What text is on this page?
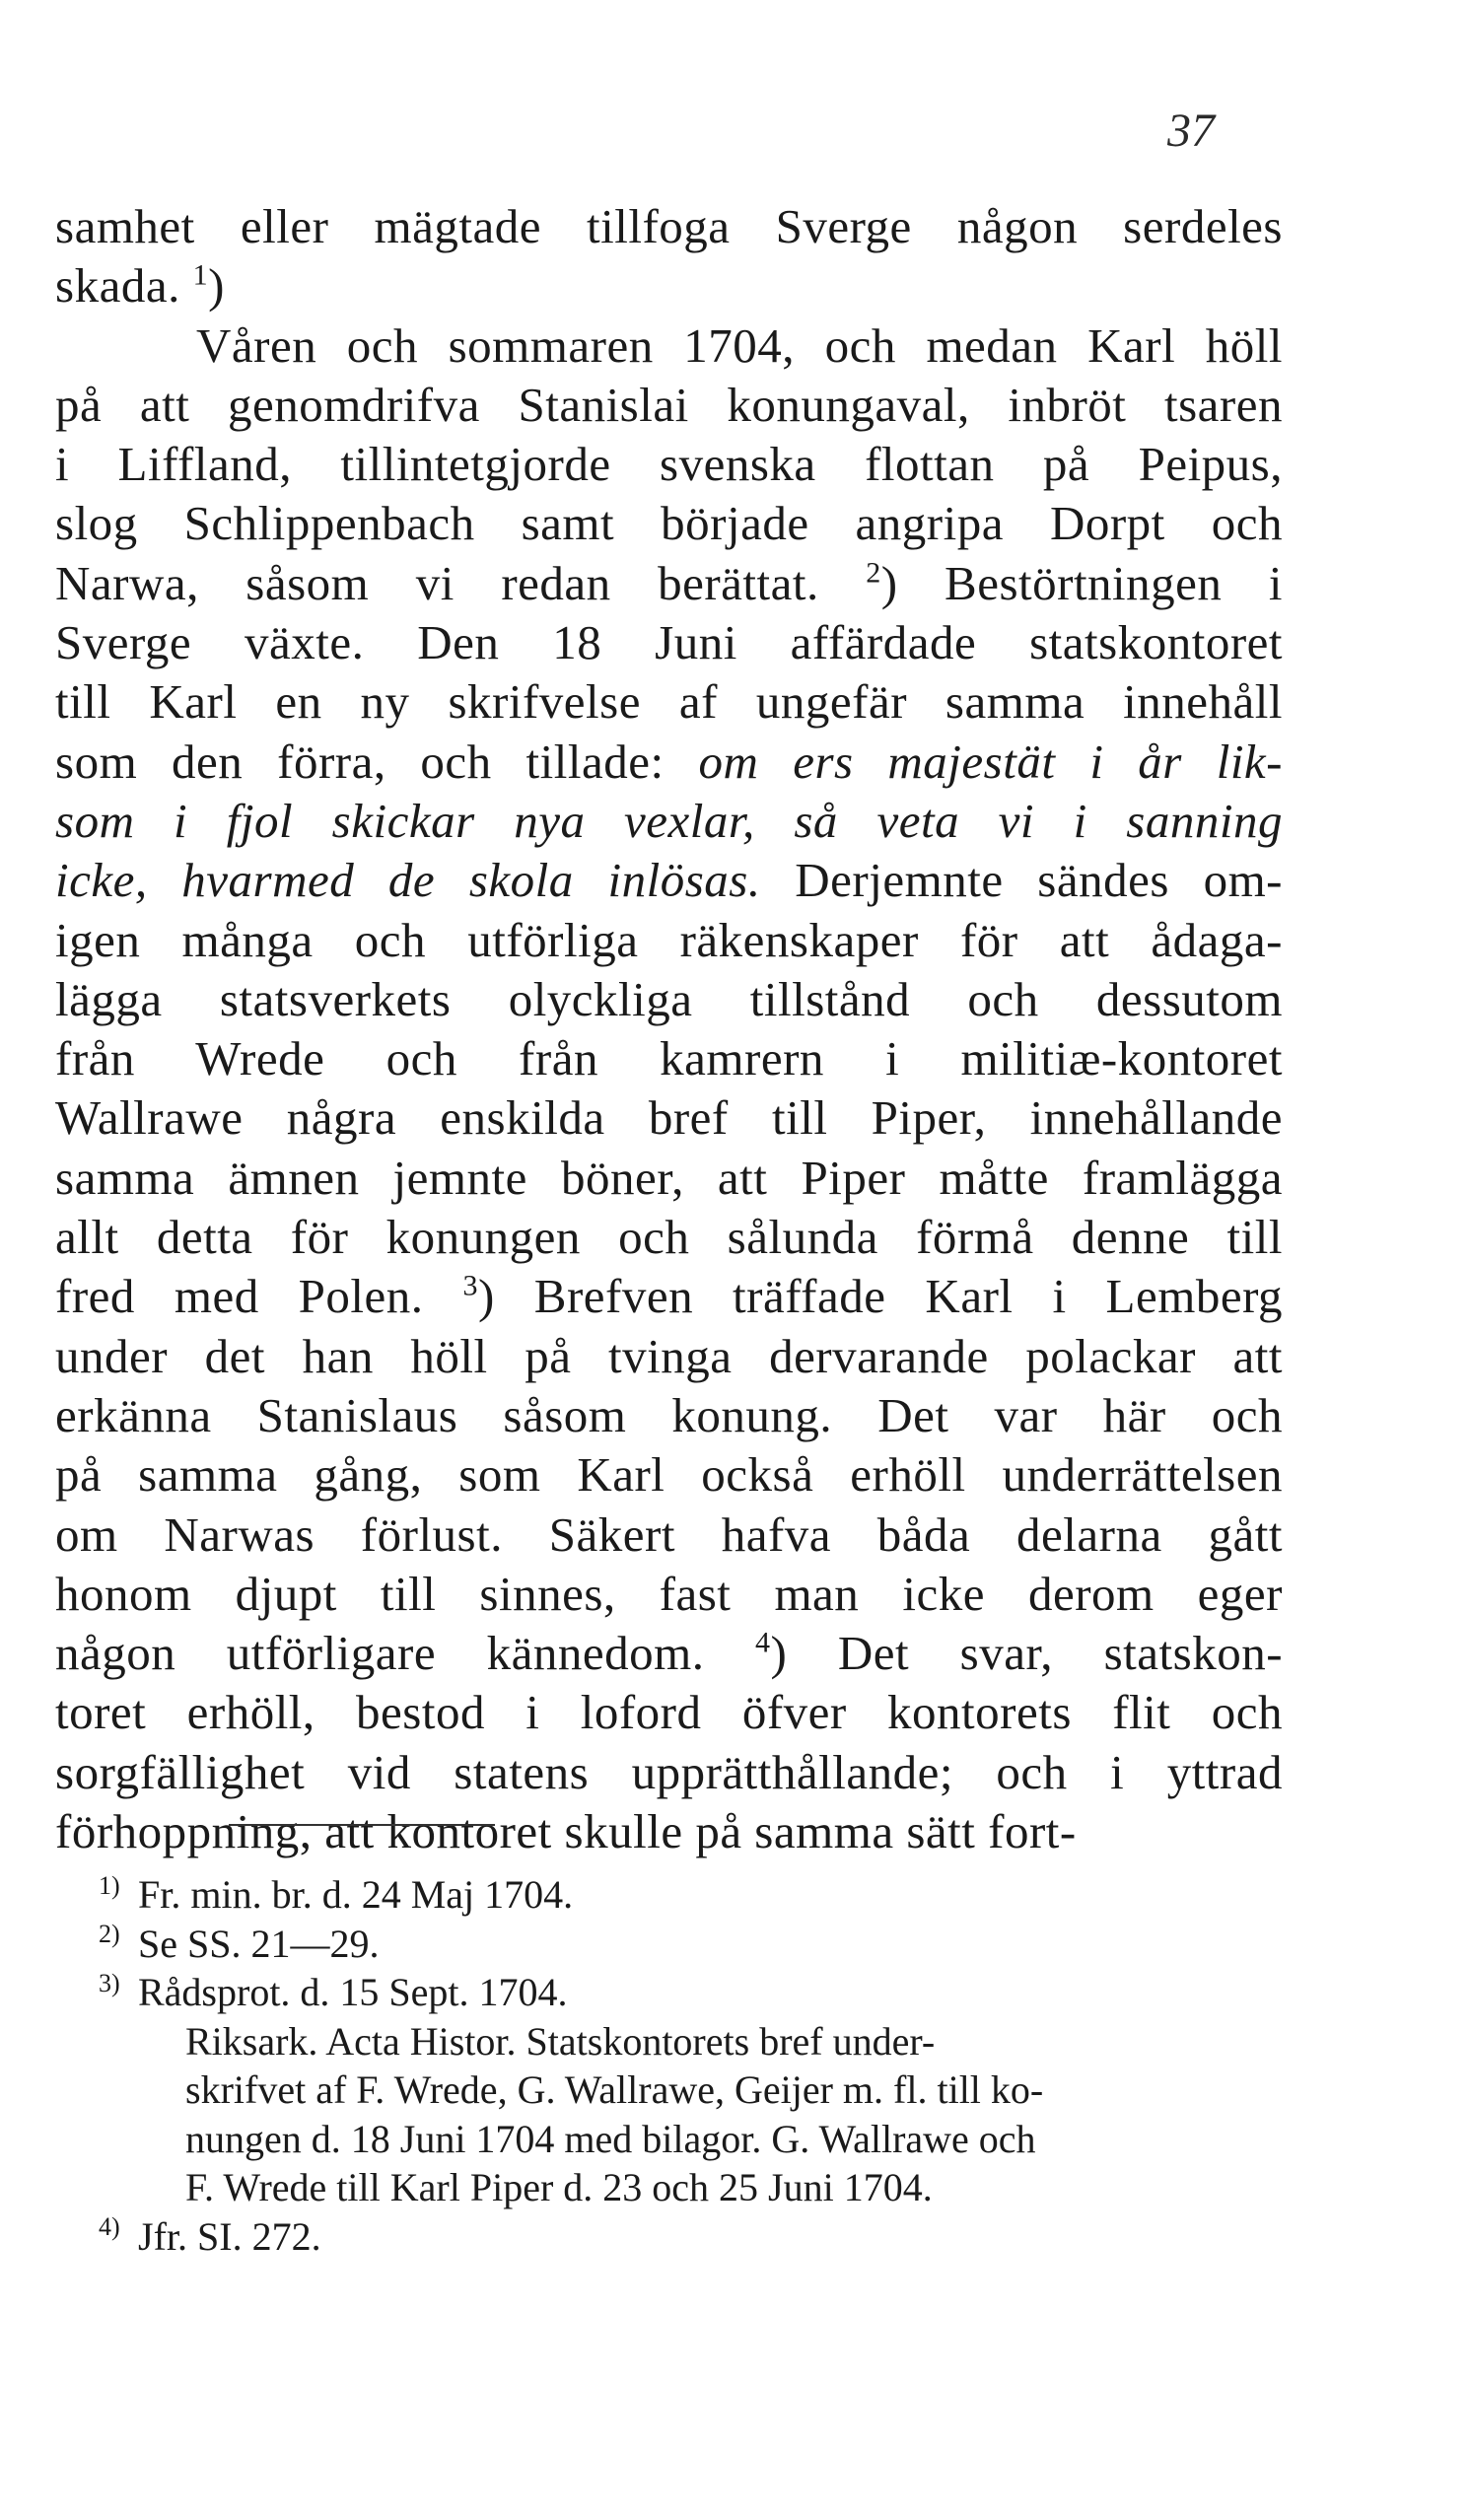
37
samhet eller mägtade tillfoga Sverge någon serdeles
skada. $^1$)
Våren och sommaren 1704, och medan Karl höll
på att genomdrifva Stanislai konungaval, inbröt tsaren
i Liffland, tillintetgjorde svenska flottan på Peipus,
slog Schlippenbach samt började angripa Dorpt och
Narwa, såsom vi redan berättat. $^2$) Bestörtningen i
Sverge växte. Den 18 Juni affärdade statskontoret
till Karl en ny skrifvelse af ungefär samma innehåll
som den förra, och tillade: om ers majestät i år lik-
som i fjol skickar nya vexlar, så veta vi i sanning
icke, hvarmed de skola inlösas. Derjemnte sändes om-
igen många och utförliga räkenskaper för att ådaga-
lägga statsverkets olyckliga tillstånd och dessutom
från Wrede och från kamrern i militiæ-kontoret
Wallrawe några enskilda bref till Piper, innehållande
samma ämnen jemnte böner, att Piper måtte framlägga
allt detta för konungen och sålunda förmå denne till
fred med Polen. $^3$) Brefven träffade Karl i Lemberg
under det han höll på tvinga dervarande polackar att
erkänna Stanislaus såsom konung. Det var här och
på samma gång, som Karl också erhöll underrättelsen
om Narwas förlust. Säkert hafva båda delarna gått
honom djupt till sinnes, fast man icke derom eger
någon utförligare kännedom. $^4$) Det svar, statskon-
toret erhöll, bestod i loford öfver kontorets flit och
sorgfällighet vid statens upprätthållande; och i yttrad
förhoppning, att kontoret skulle på samma sätt fort-
1) Fr. min. br. d. 24 Maj 1704.
2) Se SS. 21—29.
3) Rådsprot. d. 15 Sept. 1704.
Riksark. Acta Histor. Statskontorets bref under-
skrifvet af F. Wrede, G. Wallrawe, Geijer m. fl. till ko-
nungen d. 18 Juni 1704 med bilagor. G. Wallrawe och
F. Wrede till Karl Piper d. 23 och 25 Juni 1704.
4) Jfr. SI. 272.
